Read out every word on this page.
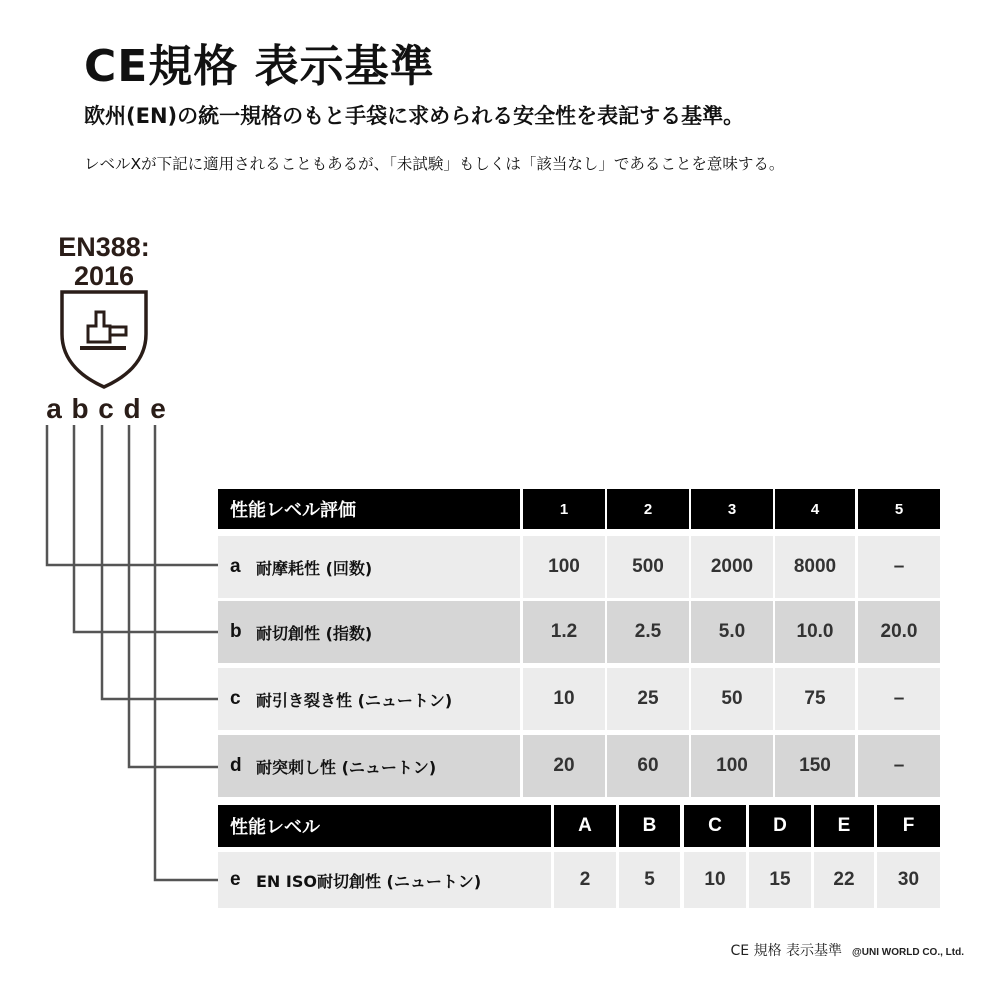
CE規格 表示基準
欧州(EN)の統一規格のもと手袋に求められる安全性を表記する基準。
レベルXが下記に適用されることもあるが、「未試験」もしくは「該当なし」であることを意味する。
EN388:
2016
a b c d e
性能レベル評価	1	2	3	4	5
a 耐摩耗性 (回数)	100	500	2000	8000	–
b 耐切創性 (指数)	1.2	2.5	5.0	10.0	20.0
c 耐引き裂き性 (ニュートン)	10	25	50	75	–
d 耐突刺し性 (ニュートン)	20	60	100	150	–
性能レベル	A	B	C	D	E	F
e EN ISO耐切創性 (ニュートン)	2	5	10	15	22	30
CE 規格 表示基準 @UNI WORLD CO., Ltd.
